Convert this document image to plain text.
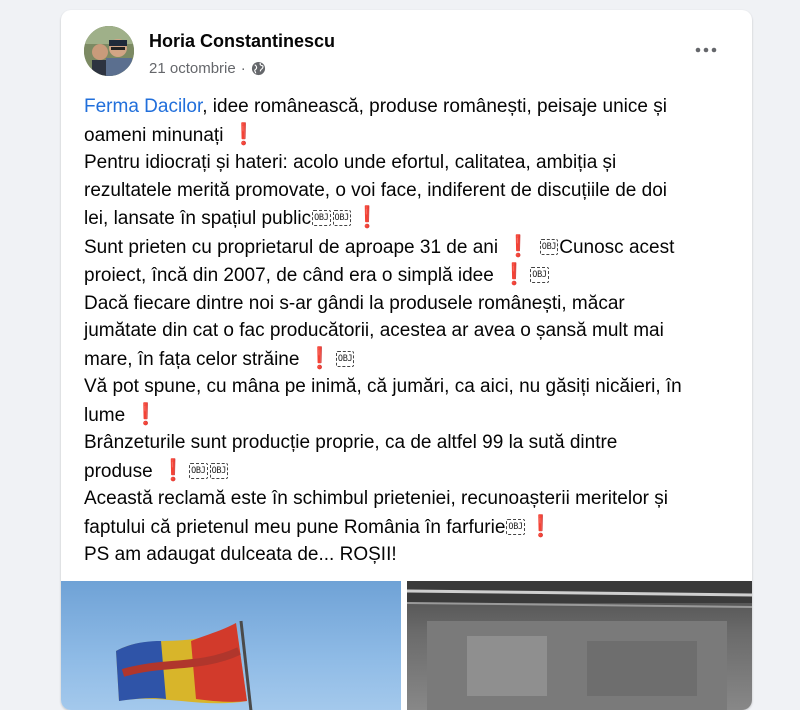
Horia Constantinescu
21 octombrie ·
Ferma Dacilor, idee românească, produse românești, peisaje unice și
oameni minunați ❗
Pentru idiocrați și hateri: acolo unde efortul, calitatea, ambiția și
rezultatele merită promovate, o voi face, indiferent de discuțiile de doi
lei, lansate în spațiul public OBJ OBJ ❗
Sunt prieten cu proprietarul de aproape 31 de ani ❗ OBJ Cunosc acest
proiect, încă din 2007, de când era o simplă idee ❗ OBJ
Dacă fiecare dintre noi s-ar gândi la produsele românești, măcar
jumătate din cat o fac producătorii, acestea ar avea o șansă mult mai
mare, în fața celor străine ❗ OBJ
Vă pot spune, cu mâna pe inimă, că jumări, ca aici, nu găsiți nicăieri, în
lume ❗
Brânzeturile sunt producție proprie, ca de altfel 99 la sută dintre
produse ❗ OBJ OBJ
Această reclamă este în schimbul prieteniei, recunoașterii meritelor și
faptului că prietenul meu pune România în farfurie OBJ ❗
PS am adaugat dulceata de... ROȘII!
